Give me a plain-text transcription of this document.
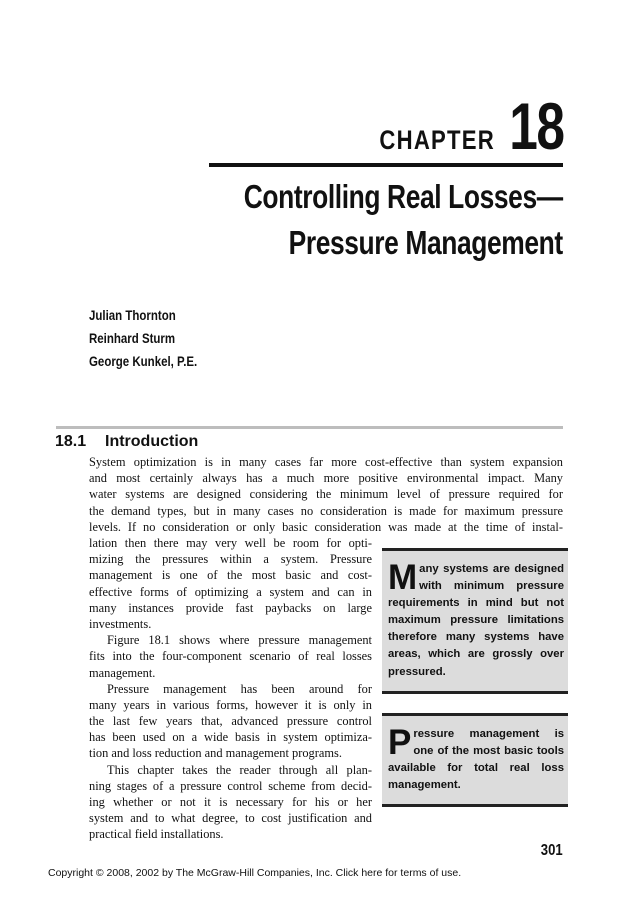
CHAPTER 18
Controlling Real Losses—
Pressure Management
Julian Thornton
Reinhard Sturm
George Kunkel, P.E.
18.1 Introduction
System optimization is in many cases far more cost-effective than system expansion
and most certainly always has a much more positive environmental impact. Many
water systems are designed considering the minimum level of pressure required for
the demand types, but in many cases no consideration is made for maximum pressure
levels. If no consideration or only basic consideration was made at the time of instal-
lation then there may very well be room for opti-
mizing the pressures within a system. Pressure
management is one of the most basic and cost-
effective forms of optimizing a system and can in
many instances provide fast paybacks on large
investments.
Figure 18.1 shows where pressure management
fits into the four-component scenario of real losses
management.
Pressure management has been around for
many years in various forms, however it is only in
the last few years that, advanced pressure control
has been used on a wide basis in system optimiza-
tion and loss reduction and management programs.
This chapter takes the reader through all plan-
ning stages of a pressure control scheme from decid-
ing whether or not it is necessary for his or her
system and to what degree, to cost justification and
practical field installations.
M any systems are designed
with minimum pressure
requirements in mind but not
maximum pressure limitations
therefore many systems have
areas, which are grossly over
pressured.
P ressure management is
one of the most basic tools
available for total real loss
management.
301
Copyright © 2008, 2002 by The McGraw-Hill Companies, Inc. Click here for terms of use.
